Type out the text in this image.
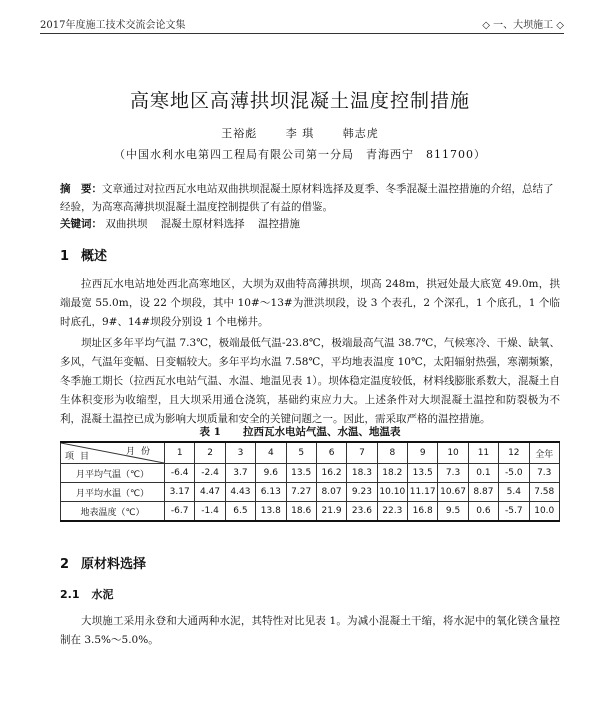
2017年度施工技术交流会论文集	◇ 一、大坝施工 ◇
高寒地区高薄拱坝混凝土温度控制措施
王裕彪	李 琪	韩志虎
（中国水利水电第四工程局有限公司第一分局　青海西宁　811700）
摘　要：文章通过对拉西瓦水电站双曲拱坝混凝土原材料选择及夏季、冬季混凝土温控措施的介绍，总结了经验，为高寒高薄拱坝混凝土温度控制提供了有益的借鉴。
关键词： 双曲拱坝 混凝土原材料选择 温控措施
1 概述
拉西瓦水电站地处西北高寒地区，大坝为双曲特高薄拱坝，坝高 248m，拱冠处最大底宽 49.0m，拱端最宽 55.0m，设 22 个坝段，其中 10#～13#为泄洪坝段，设 3 个表孔，2 个深孔，1 个底孔，1 个临时底孔，9#、14#坝段分别设 1 个电梯井。
坝址区多年平均气温 7.3℃，极端最低气温-23.8℃，极端最高气温 38.7℃，气候寒冷、干燥、缺氧、多风，气温年变幅、日变幅较大。多年平均水温 7.58℃，平均地表温度 10℃，太阳辐射热强，寒潮频繁，冬季施工期长（拉西瓦水电站气温、水温、地温见表 1）。坝体稳定温度较低，材料线膨胀系数大，混凝土自生体积变形为收缩型，且大坝采用通仓浇筑，基础约束应力大。上述条件对大坝混凝土温控和防裂极为不利，混凝土温控已成为影响大坝质量和安全的关键问题之一。因此，需采取严格的温控措施。
表 1 拉西瓦水电站气温、水温、地温表
月份
项目	1	2	3	4	5	6	7	8	9	10	11	12	全年
月平均气温（℃）	-6.4	-2.4	3.7	9.6	13.5	16.2	18.3	18.2	13.5	7.3	0.1	-5.0	7.3
月平均水温（℃）	3.17	4.47	4.43	6.13	7.27	8.07	9.23	10.10	11.17	10.67	8.87	5.4	7.58
地表温度（℃）	-6.7	-1.4	6.5	13.8	18.6	21.9	23.6	22.3	16.8	9.5	0.6	-5.7	10.0
2 原材料选择
2.1 水泥
大坝施工采用永登和大通两种水泥，其特性对比见表 1。为减小混凝土干缩，将水泥中的氧化镁含量控制在 3.5%～5.0%。
